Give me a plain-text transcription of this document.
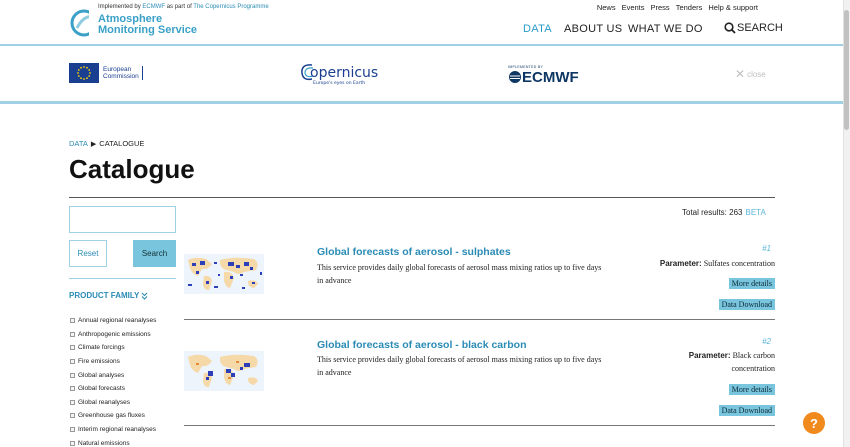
Implemented by ECMWF as part of The Copernicus Programme
Atmosphere
Monitoring Service
News Events Press Tenders Help & support
DATA ABOUT US WHAT WE DO	SEARCH
European
Commission	opernicus
Europe's eyes on Earth
IMPLEMENTED BY
ECMWF	✕ close
DATA ▶ CATALOGUE
Catalogue
Reset	Search
PRODUCT FAMILY
Annual regional reanalyses
Anthropogenic emissions
Climate forcings
Fire emissions
Global analyses
Global forecasts
Global reanalyses
Greenhouse gas fluxes
Interim regional reanalyses
Natural emissions
Total results: 263 BETA
Global forecasts of aerosol - sulphates
This service provides daily global forecasts of aerosol mass mixing ratios up to five days in advance
#1
Parameter: Sulfates concentration
More details
Data Download
Global forecasts of aerosol - black carbon
This service provides daily global forecasts of aerosol mass mixing ratios up to five days in advance
#2
Parameter: Black carbon concentration
More details
Data Download
?
